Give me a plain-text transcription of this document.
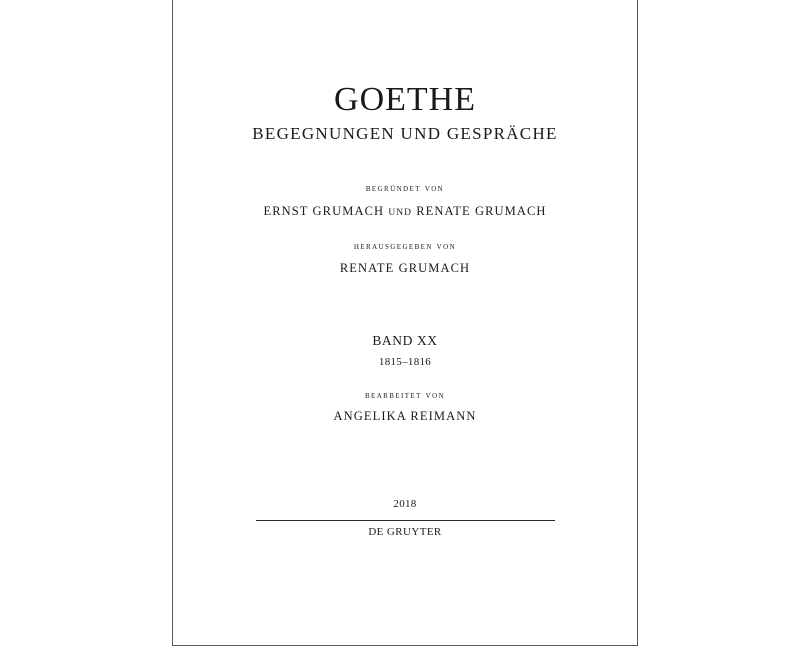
GOETHE
BEGEGNUNGEN UND GESPRÄCHE
begründet von
ERNST GRUMACH UND RENATE GRUMACH
herausgegeben von
RENATE GRUMACH
BAND XX
1815–1816
bearbeitet von
ANGELIKA REIMANN
2018
DE GRUYTER
